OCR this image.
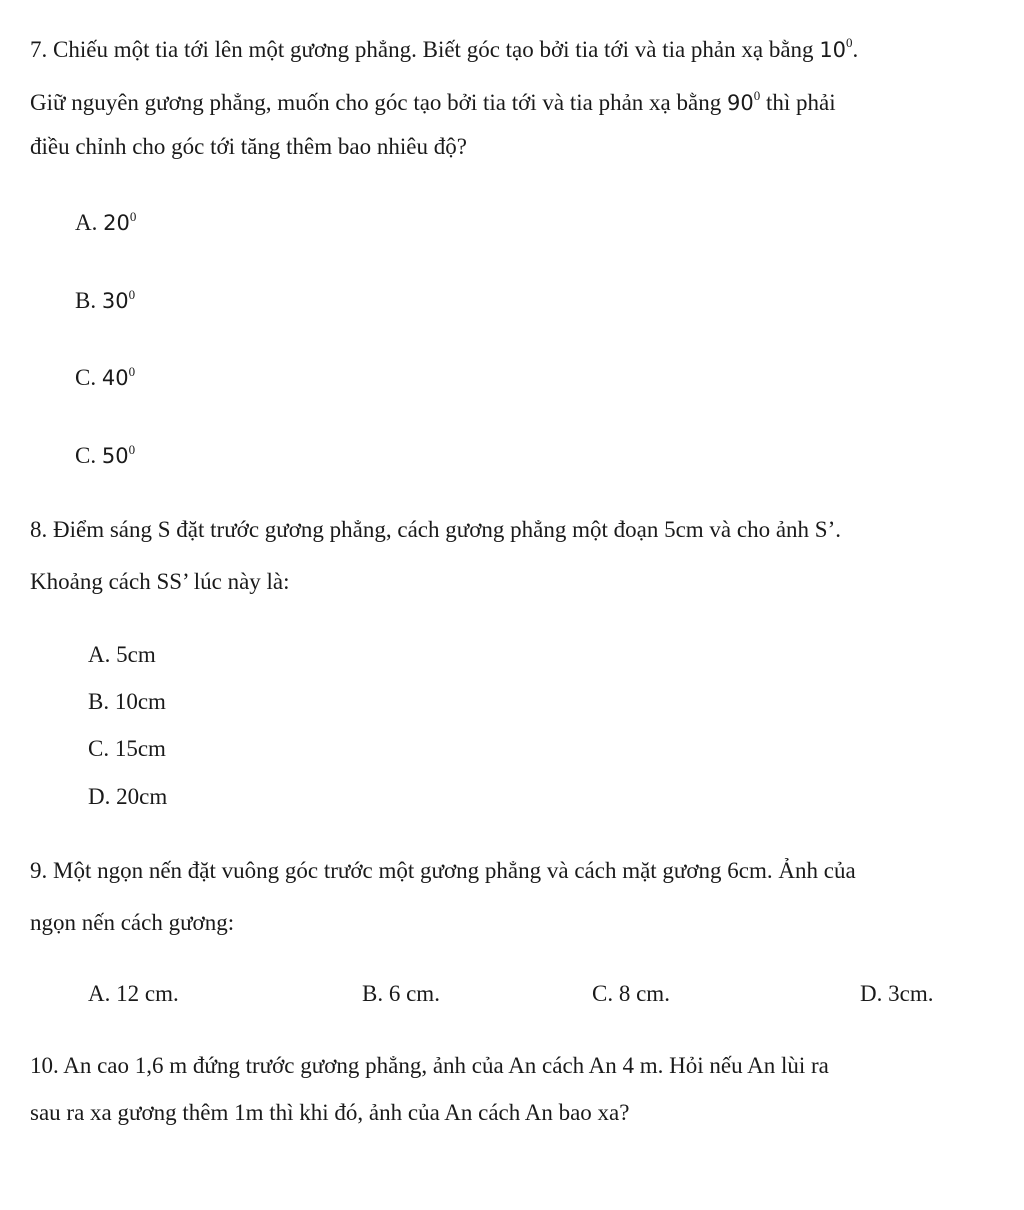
7. Chiếu một tia tới lên một gương phẳng. Biết góc tạo bởi tia tới và tia phản xạ bằng $10^0$.
Giữ nguyên gương phẳng, muốn cho góc tạo bởi tia tới và tia phản xạ bằng $90^0$ thì phải
điều chỉnh cho góc tới tăng thêm bao nhiêu độ?
A. $20^0$
B. $30^0$
C. $40^0$
C. $50^0$
8. Điểm sáng S đặt trước gương phẳng, cách gương phẳng một đoạn 5cm và cho ảnh S’.
Khoảng cách SS’ lúc này là:
A. 5cm
B. 10cm
C. 15cm
D. 20cm
9. Một ngọn nến đặt vuông góc trước một gương phẳng và cách mặt gương 6cm. Ảnh của
ngọn nến cách gương:
A. 12 cm.	B. 6 cm.	C. 8 cm.	D. 3cm.
10. An cao 1,6 m đứng trước gương phẳng, ảnh của An cách An 4 m. Hỏi nếu An lùi ra
sau ra xa gương thêm 1m thì khi đó, ảnh của An cách An bao xa?
